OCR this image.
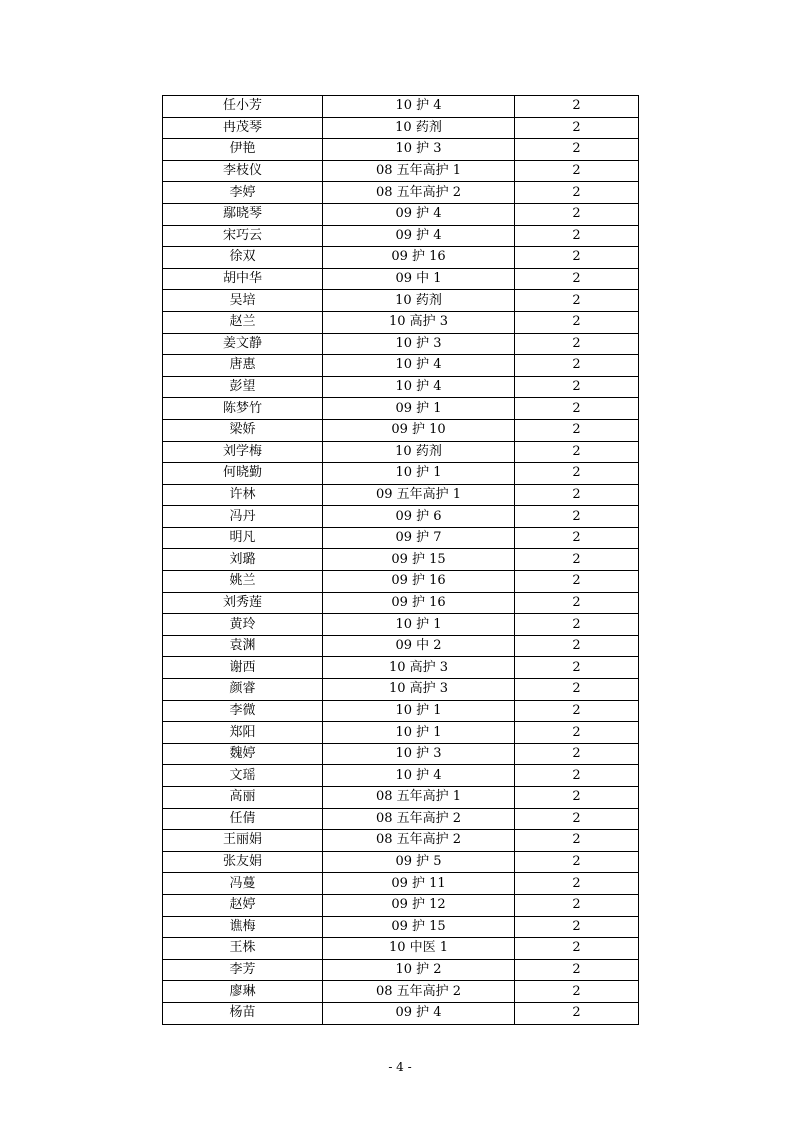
任小芳	10 护 4	2
冉茂琴	10 药剂	2
伊艳	10 护 3	2
李枝仪	08 五年高护 1	2
李婷	08 五年高护 2	2
鄢晓琴	09 护 4	2
宋巧云	09 护 4	2
徐双	09 护 16	2
胡中华	09 中 1	2
吴培	10 药剂	2
赵兰	10 高护 3	2
姜文静	10 护 3	2
唐惠	10 护 4	2
彭望	10 护 4	2
陈梦竹	09 护 1	2
梁娇	09 护 10	2
刘学梅	10 药剂	2
何晓勤	10 护 1	2
许林	09 五年高护 1	2
冯丹	09 护 6	2
明凡	09 护 7	2
刘璐	09 护 15	2
姚兰	09 护 16	2
刘秀莲	09 护 16	2
黄玲	10 护 1	2
袁渊	09 中 2	2
谢西	10 高护 3	2
颜睿	10 高护 3	2
李微	10 护 1	2
郑阳	10 护 1	2
魏婷	10 护 3	2
文瑶	10 护 4	2
高丽	08 五年高护 1	2
任倩	08 五年高护 2	2
王丽娟	08 五年高护 2	2
张友娟	09 护 5	2
冯蔓	09 护 11	2
赵婷	09 护 12	2
谯梅	09 护 15	2
王株	10 中医 1	2
李芳	10 护 2	2
廖琳	08 五年高护 2	2
杨苗	09 护 4	2
- 4 -
